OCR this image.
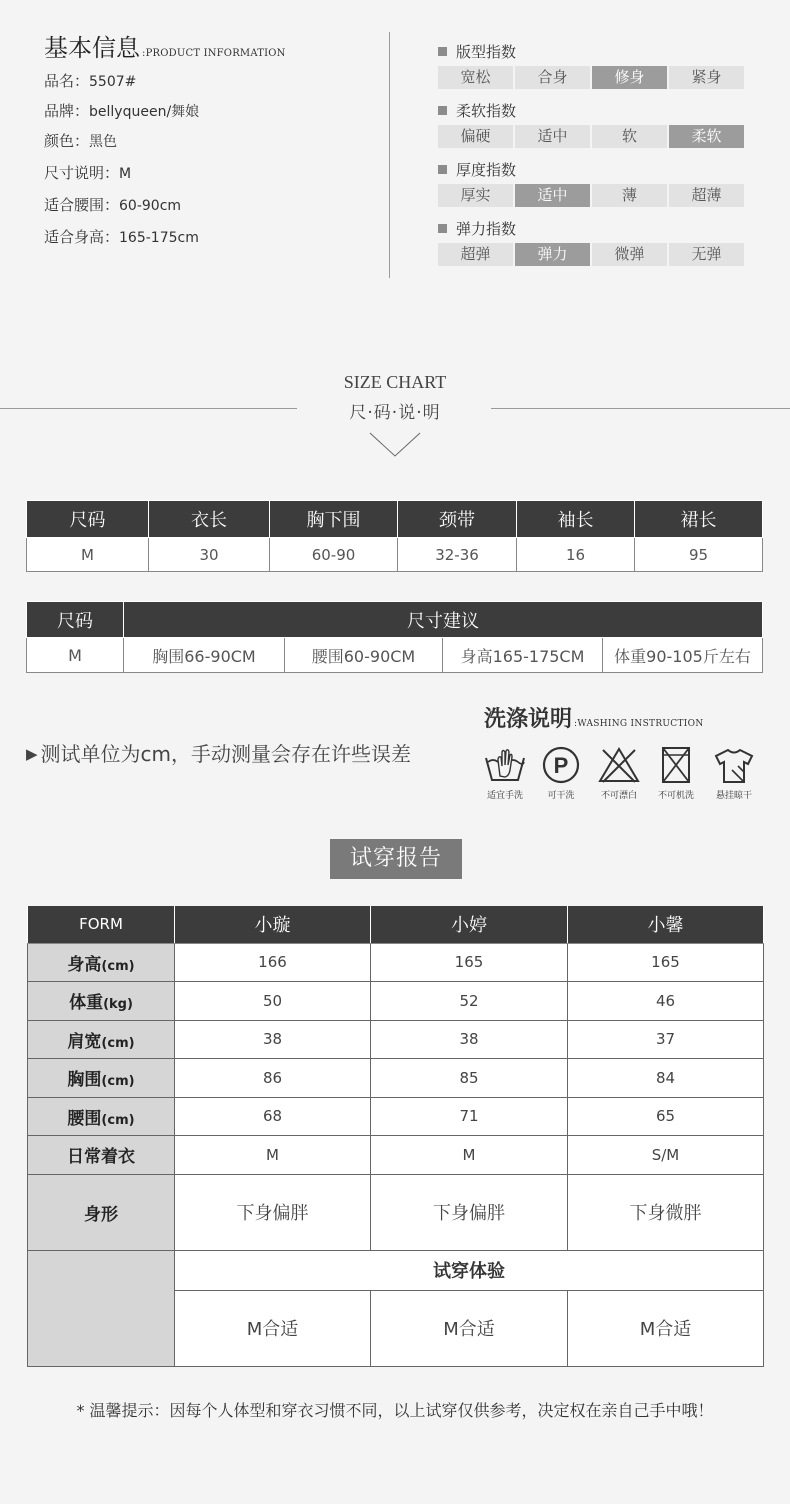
基本信息 :PRODUCT INFORMATION
品名：5507#
品牌：bellyqueen/舞娘
颜色：黑色
尺寸说明：M
适合腰围：60-90cm
适合身高：165-175cm
版型指数
宽松	合身	修身	紧身
柔软指数
偏硬	适中	软	柔软
厚度指数
厚实	适中	薄	超薄
弹力指数
超弹	弹力	微弹	无弹
SIZE CHART
尺·码·说·明
尺码	衣长	胸下围	颈带	袖长	裙长
M	30	60-90	32-36	16	95
尺码	尺寸建议			
M	胸围66-90CM	腰围60-90CM	身高165-175CM	体重90-105斤左右
▶ 测试单位为cm，手动测量会存在许些误差
洗涤说明 :WASHING INSTRUCTION
适宜手洗
P
可干洗	不可漂白	不可机洗	悬挂晾干
试穿报告
FORM	小璇	小婷	小馨
身高(cm)	166	165	165
体重(kg)	50	52	46
肩宽(cm)	38	38	37
胸围(cm)	86	85	84
腰围(cm)	68	71	65
日常着衣	M	M	S/M
身形	下身偏胖	下身偏胖	下身微胖
	试穿体验		
	M合适	M合适	M合适
* 温馨提示：因每个人体型和穿衣习惯不同，以上试穿仅供参考，决定权在亲自己手中哦！
